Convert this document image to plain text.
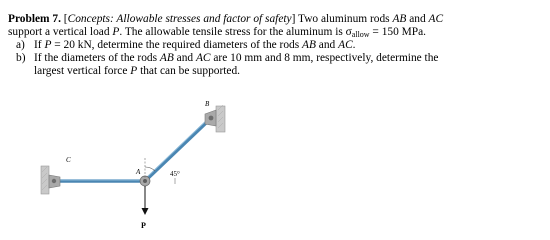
Problem 7. [Concepts: Allowable stresses and factor of safety] Two aluminum rods AB and AC
support a vertical load P. The allowable tensile stress for the aluminum is σallow = 150 MPa.
a) If P = 20 kN, determine the required diameters of the rods AB and AC.
b) If the diameters of the rods AB and AC are 10 mm and 8 mm, respectively, determine the
largest vertical force P that can be supported.
B
C
A	45°
P
